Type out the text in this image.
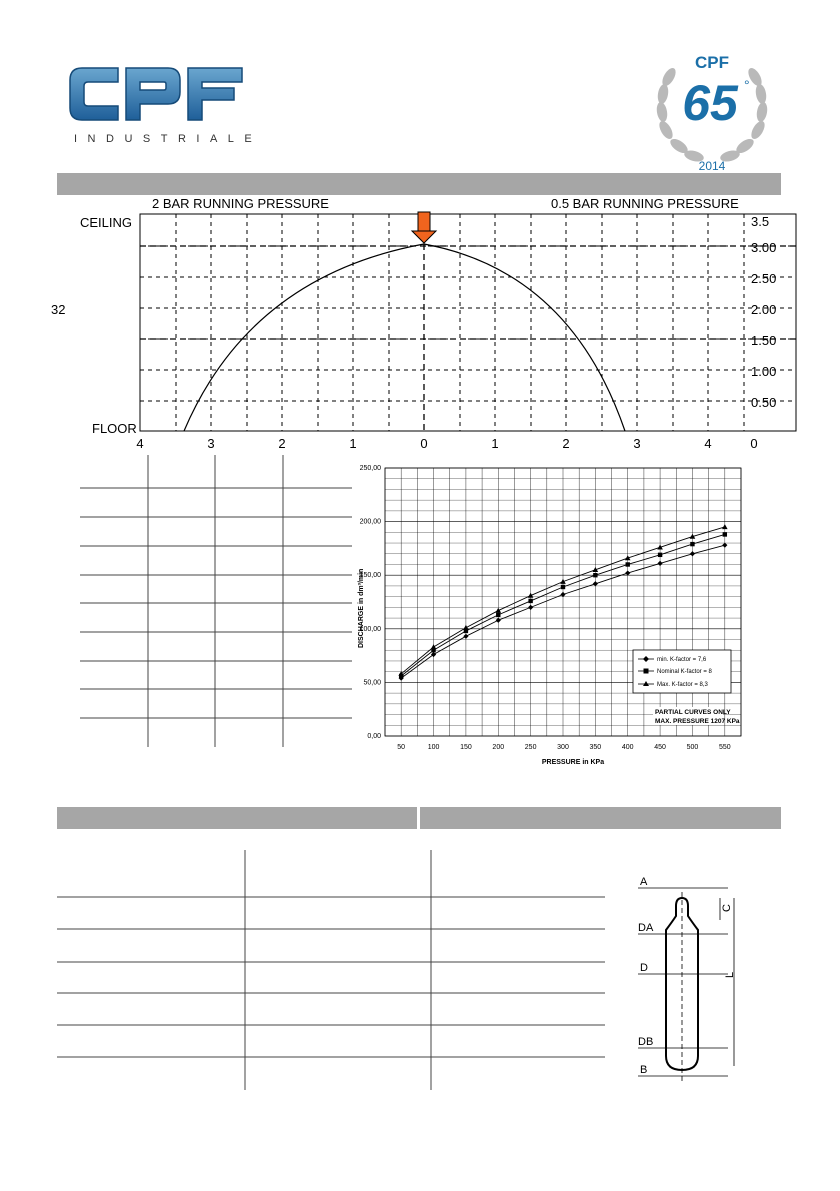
INDUSTRIALE
CPF
65 °
2014
2 BAR RUNNING PRESSURE	0.5 BAR RUNNING PRESSURE
CEILING
FLOOR
32
4	3	2	1	0	1	2	3	4	0
3.5
3.00
2.50
2.00
1.50
1.00
0.50
50	100	150	200	250	300	350	400	450	500	550
0,00
50,00
100,00
150,00
200,00
250,00
DISCHARGE in dm³/min
PRESSURE in KPa
min. K-factor = 7,6
Nominal K-factor = 8
Max. K-factor = 8,3
PARTIAL CURVES ONLY
MAX. PRESSURE 1207 KPa
A
C
DA
D
L
DB
B
